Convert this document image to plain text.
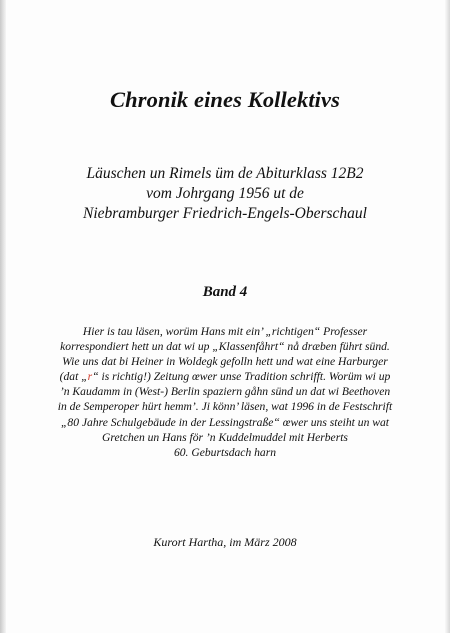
Chronik eines Kollektivs
Läuschen un Rimels üm de Abiturklass 12B2
vom Johrgang 1956 ut de
Niebramburger Friedrich-Engels-Oberschaul
Band 4
Hier is tau läsen, worüm Hans mit ein’ „richtigen“ Professer
korrespondiert hett un dat wi up „Klassenfåhrt“ nå dræben führt sünd.
Wie uns dat bi Heiner in Woldegk gefolln hett und wat eine Harburger
(dat „r“ is richtig!) Zeitung œwer unse Tradition schrifft. Worüm wi up
’n Kaudamm in (West-) Berlin spaziern gåhn sünd un dat wi Beethoven
in de Semperoper hürt hemm’. Ji könn’ läsen, wat 1996 in de Festschrift
„80 Jahre Schulgebäude in der Lessingstraße“ œwer uns steiht un wat
Gretchen un Hans för ’n Kuddelmuddel mit Herberts
60. Geburtsdach harn
Kurort Hartha, im März 2008
